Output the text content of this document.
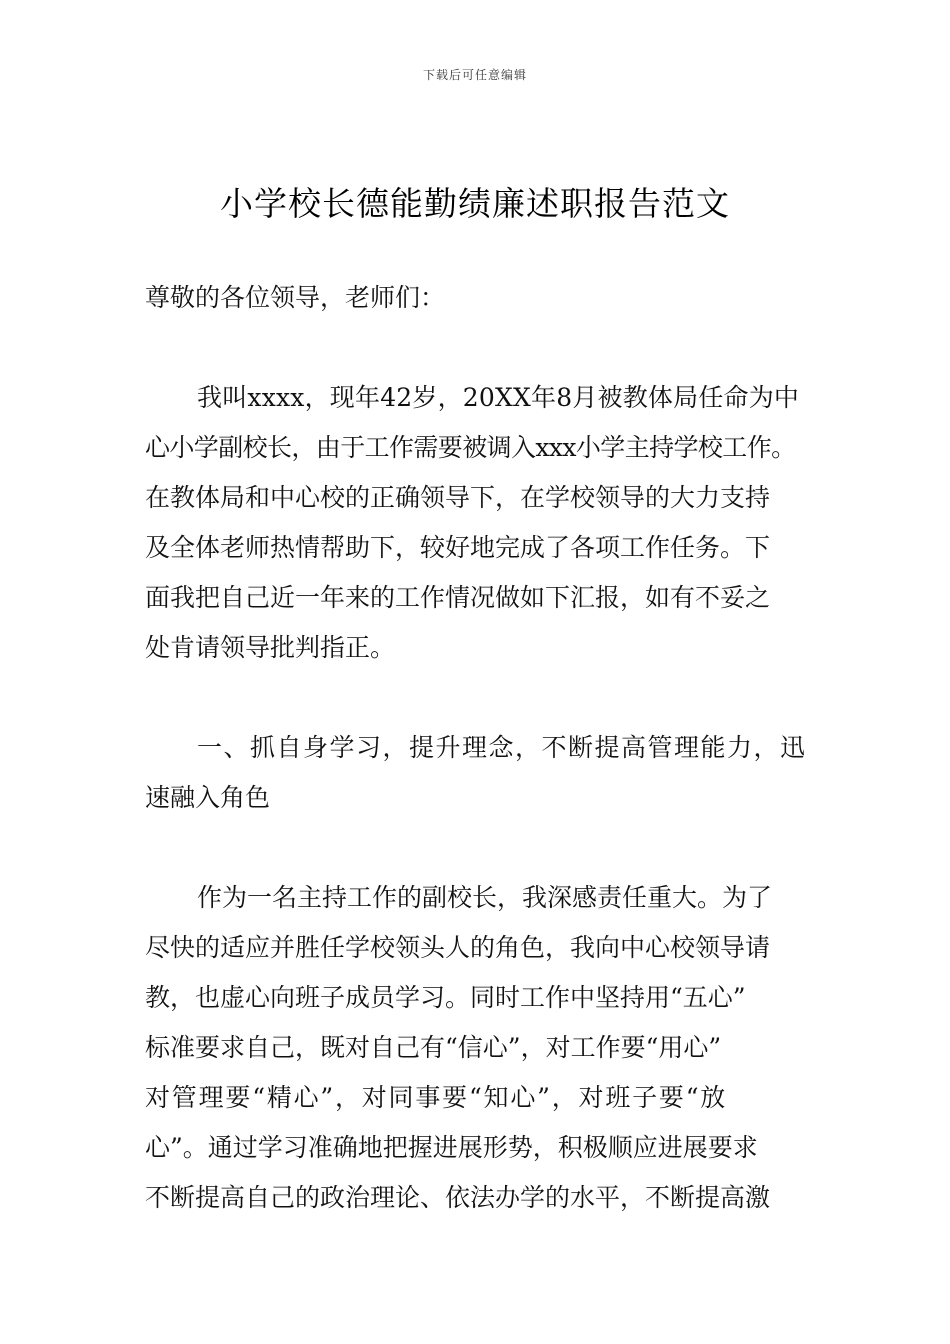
下载后可任意编辑
小学校长德能勤绩廉述职报告范文
尊敬的各位领导，老师们：
我叫xxxx，现年42岁，20XX年8月被教体局任命为中
心小学副校长，由于工作需要被调入xxx小学主持学校工作。
在教体局和中心校的正确领导下，在学校领导的大力支持
及全体老师热情帮助下，较好地完成了各项工作任务。下
面我把自己近一年来的工作情况做如下汇报，如有不妥之
处肯请领导批判指正。
一、抓自身学习，提升理念，不断提高管理能力，迅
速融入角色
作为一名主持工作的副校长，我深感责任重大。为了
尽快的适应并胜任学校领头人的角色，我向中心校领导请
教，也虚心向班子成员学习。同时工作中坚持用“五心”
标准要求自己，既对自己有“信心”，对工作要“用心”
对管理要“精心”，对同事要“知心”，对班子要“放
心”。通过学习准确地把握进展形势，积极顺应进展要求
不断提高自己的政治理论、依法办学的水平，不断提高激
